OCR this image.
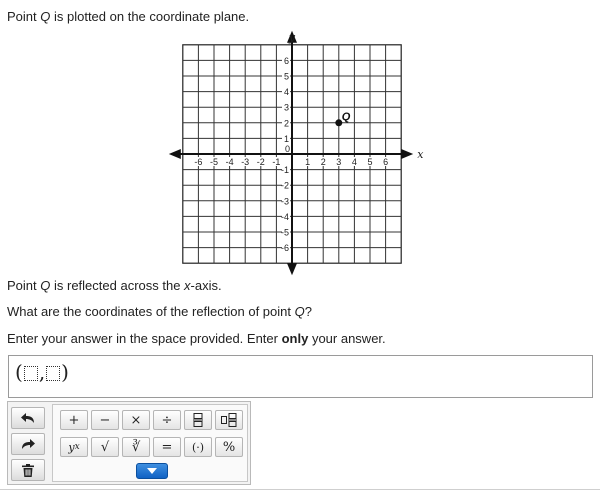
Point Q is plotted on the coordinate plane.
x
y
-6 -5 -4 -3 -2 -1	1 2 3 4 5 6
6
5
4
3
2
1
-1
-2
-3
-4
-5
-6
0
Q
Point Q is reflected across the x-axis.
What are the coordinates of the reflection of point Q?
Enter your answer in the space provided. Enter only your answer.
( , )
+	−	×	÷
y x	√	∛	=	(·)	%
